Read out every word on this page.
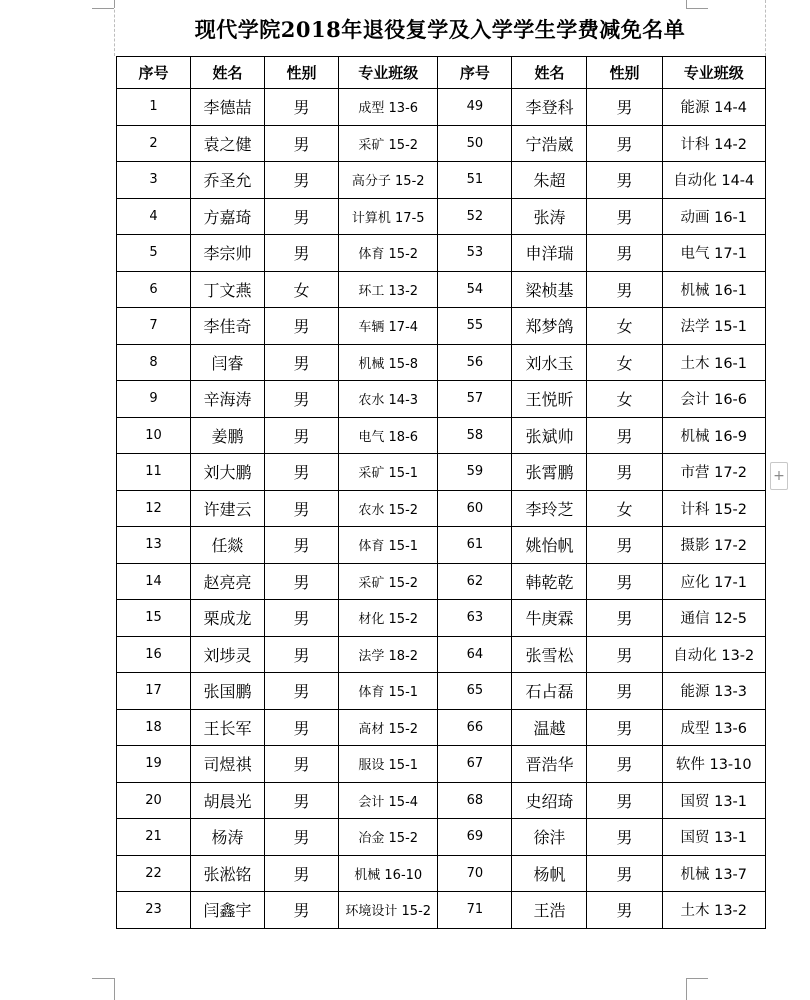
现代学院2018年退役复学及入学学生学费减免名单
序号	姓名	性别	专业班级	序号	姓名	性别	专业班级
1	李德喆	男	成型 13-6	49	李登科	男	能源 14-4
2	袁之健	男	采矿 15-2	50	宁浩崴	男	计科 14-2
3	乔圣允	男	高分子 15-2	51	朱超	男	自动化 14-4
4	方嘉琦	男	计算机 17-5	52	张涛	男	动画 16-1
5	李宗帅	男	体育 15-2	53	申洋瑞	男	电气 17-1
6	丁文燕	女	环工 13-2	54	梁桢基	男	机械 16-1
7	李佳奇	男	车辆 17-4	55	郑梦鸽	女	法学 15-1
8	闫睿	男	机械 15-8	56	刘水玉	女	土木 16-1
9	辛海涛	男	农水 14-3	57	王悦昕	女	会计 16-6
10	姜鹏	男	电气 18-6	58	张斌帅	男	机械 16-9
11	刘大鹏	男	采矿 15-1	59	张霄鹏	男	市营 17-2
12	许建云	男	农水 15-2	60	李玲芝	女	计科 15-2
13	任燚	男	体育 15-1	61	姚怡帆	男	摄影 17-2
14	赵亮亮	男	采矿 15-2	62	韩乾乾	男	应化 17-1
15	栗成龙	男	材化 15-2	63	牛庚霖	男	通信 12-5
16	刘埗灵	男	法学 18-2	64	张雪松	男	自动化 13-2
17	张国鹏	男	体育 15-1	65	石占磊	男	能源 13-3
18	王长军	男	高材 15-2	66	温越	男	成型 13-6
19	司煜祺	男	服设 15-1	67	晋浩华	男	软件 13-10
20	胡晨光	男	会计 15-4	68	史绍琦	男	国贸 13-1
21	杨涛	男	冶金 15-2	69	徐沣	男	国贸 13-1
22	张淞铭	男	机械 16-10	70	杨帆	男	机械 13-7
23	闫鑫宇	男	环境设计 15-2	71	王浩	男	土木 13-2
+
